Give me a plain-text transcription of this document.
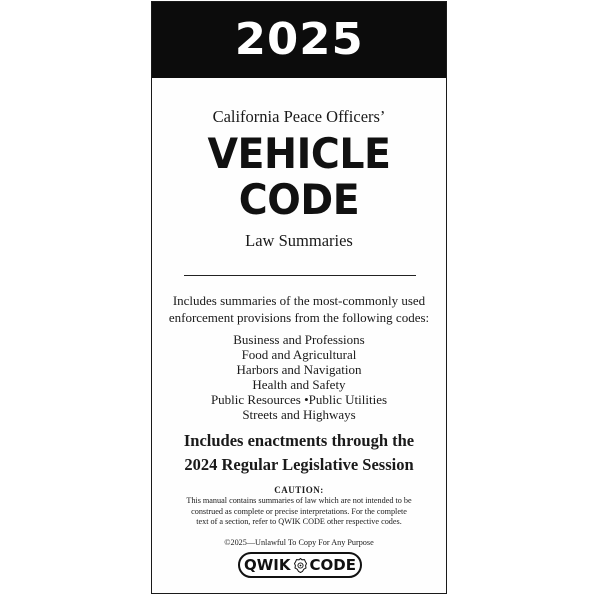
2025
California Peace Officers’
VEHICLE
CODE
Law Summaries
Includes summaries of the most-commonly used
enforcement provisions from the following codes:
Business and Professions
Food and Agricultural
Harbors and Navigation
Health and Safety
Public Resources •Public Utilities
Streets and Highways
Includes enactments through the
2024 Regular Legislative Session
CAUTION:
This manual contains summaries of law which are not intended to be
construed as complete or precise interpretations. For the complete
text of a section, refer to QWIK CODE other respective codes.
©2025—Unlawful To Copy For Any Purpose
QWIK CODE
